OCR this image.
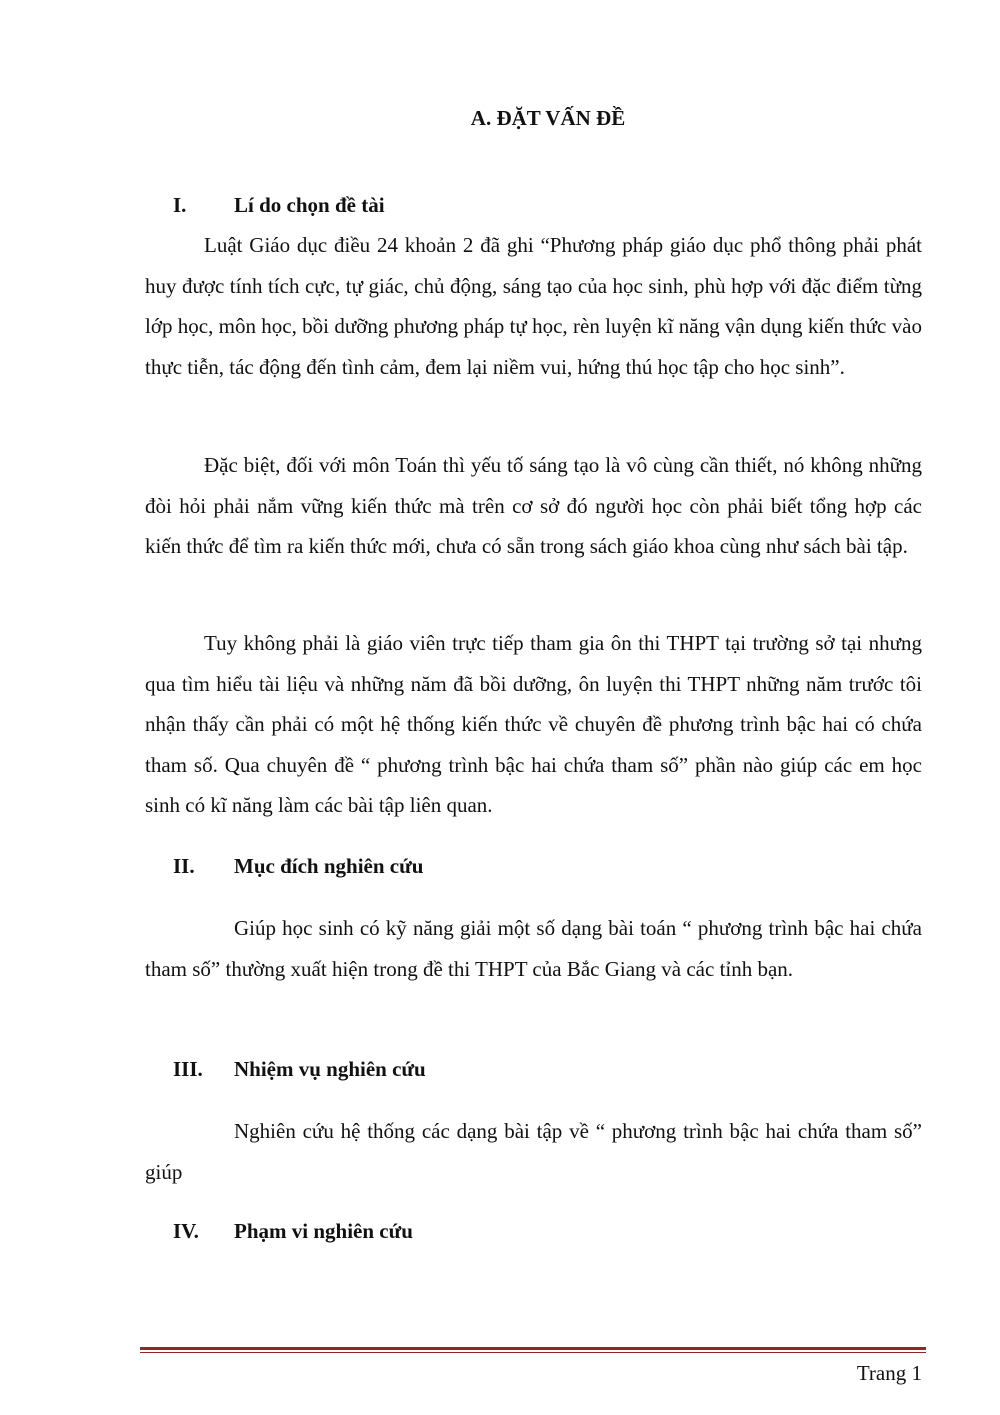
A. ĐẶT VẤN ĐỀ
I. Lí do chọn đề tài

Luật Giáo dục điều 24 khoản 2 đã ghi “Phương pháp giáo dục phổ thông phải phát huy được tính tích cực, tự giác, chủ động, sáng tạo của học sinh, phù hợp với đặc điểm từng lớp học, môn học, bồi dưỡng phương pháp tự học, rèn luyện kĩ năng vận dụng kiến thức vào thực tiễn, tác động đến tình cảm, đem lại niềm vui, hứng thú học tập cho học sinh”.

Đặc biệt, đối với môn Toán thì yếu tố sáng tạo là vô cùng cần thiết, nó không những đòi hỏi phải nắm vững kiến thức mà trên cơ sở đó người học còn phải biết tổng hợp các kiến thức để tìm ra kiến thức mới, chưa có sẵn trong sách giáo khoa cùng như sách bài tập.

Tuy không phải là giáo viên trực tiếp tham gia ôn thi THPT tại trường sở tại nhưng qua tìm hiểu tài liệu và những năm đã bồi dưỡng, ôn luyện thi THPT những năm trước tôi nhận thấy cần phải có một hệ thống kiến thức về chuyên đề phương trình bậc hai có chứa tham số. Qua chuyên đề “ phương trình bậc hai chứa tham số” phần nào giúp các em học sinh có kĩ năng làm các bài tập liên quan.

II. Mục đích nghiên cứu

Giúp học sinh có kỹ năng giải một số dạng bài toán “ phương trình bậc hai chứa tham số” thường xuất hiện trong đề thi THPT của Bắc Giang và các tỉnh bạn.

III. Nhiệm vụ nghiên cứu

Nghiên cứu hệ thống các dạng bài tập về “ phương trình bậc hai chứa tham số” giúp

IV. Phạm vi nghiên cứu
Trang 1
